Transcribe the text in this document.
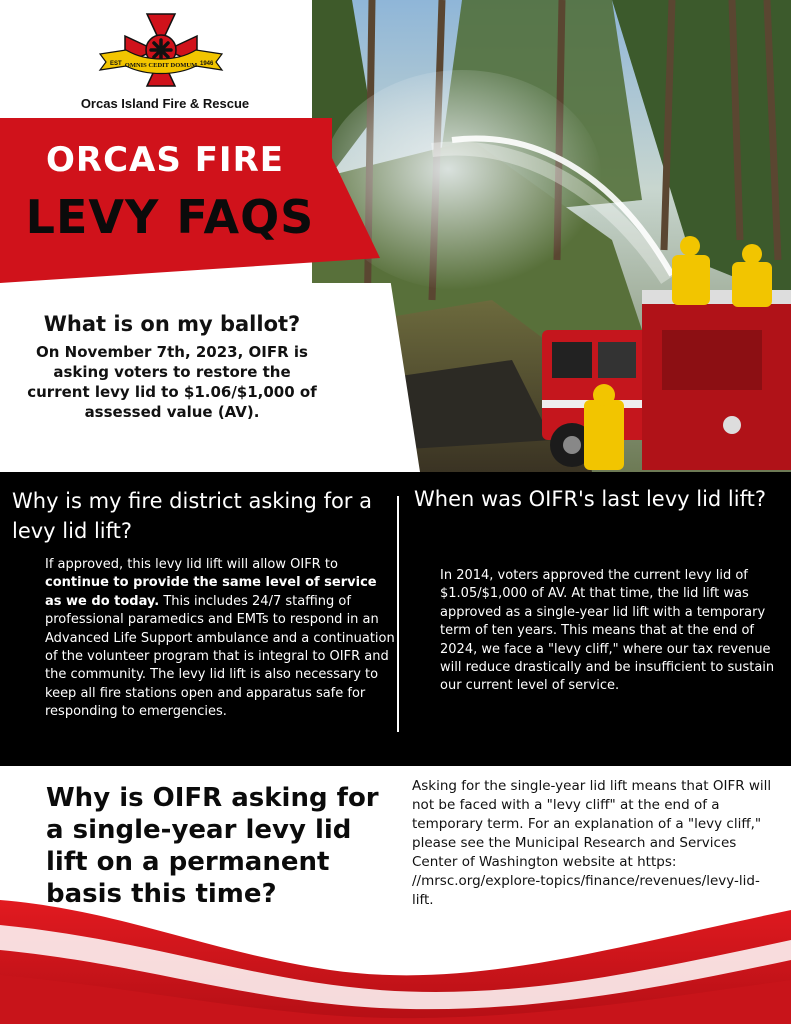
EST	1946
OMNIS CEDIT DOMUM
Orcas Island Fire & Rescue
ORCAS FIRE
LEVY FAQS
What is on my ballot?
On November 7th, 2023, OIFR is asking voters to restore the current levy lid to $1.06/$1,000 of assessed value (AV).
Why is my fire district asking for a levy lid lift?
If approved, this levy lid lift will allow OIFR to continue to provide the same level of service as we do today. This includes 24/7 staffing of professional paramedics and EMTs to respond in an Advanced Life Support ambulance and a continuation of the volunteer program that is integral to OIFR and the community. The levy lid lift is also necessary to keep all fire stations open and apparatus safe for responding to emergencies.
When was OIFR's last levy lid lift?
In 2014, voters approved the current levy lid of $1.05/$1,000 of AV. At that time, the lid lift was approved as a single-year lid lift with a temporary term of ten years. This means that at the end of 2024, we face a "levy cliff," where our tax revenue will reduce drastically and be insufficient to sustain our current level of service.
Why is OIFR asking for a single-year levy lid lift on a permanent basis this time?
Asking for the single-year lid lift means that OIFR will not be faced with a "levy cliff" at the end of a temporary term. For an explanation of a "levy cliff," please see the Municipal Research and Services Center of Washington website at https: //mrsc.org/explore-topics/finance/revenues/levy-lid-lift.
